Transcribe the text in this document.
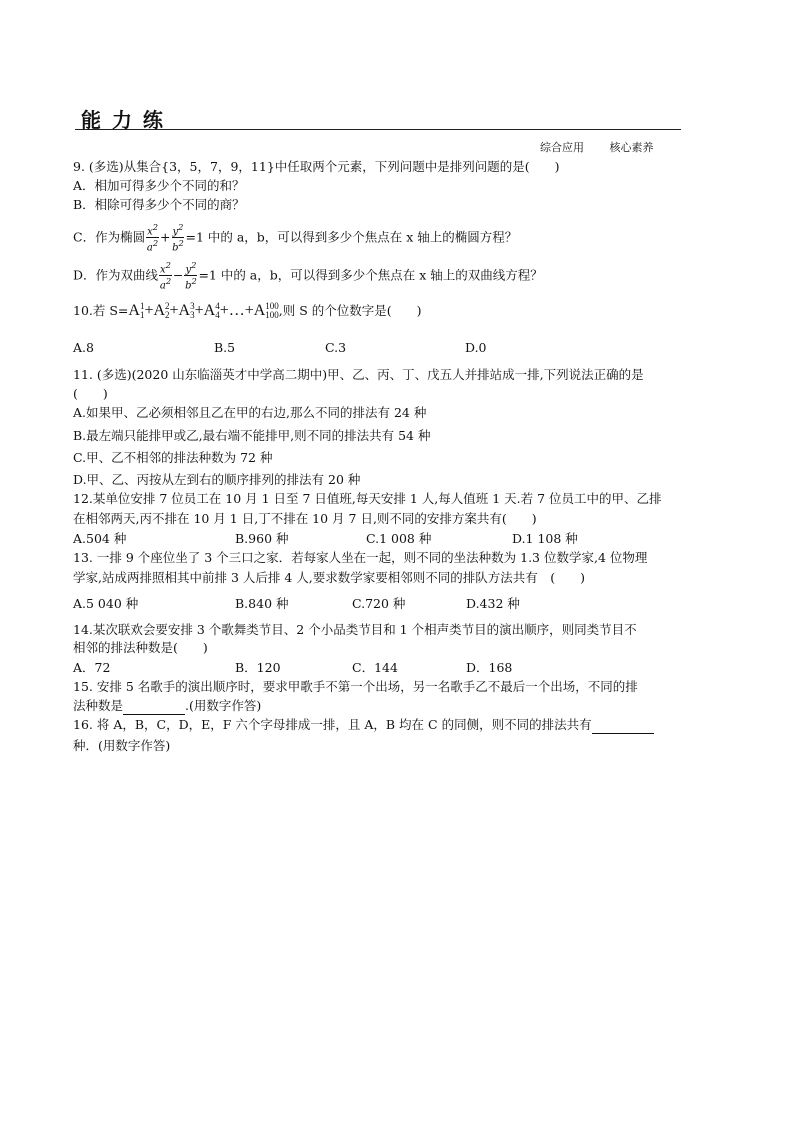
能 力 练
综合应用 核心素养
9. (多选)从集合{3，5，7，9，11}中任取两个元素，下列问题中是排列问题的是(　　)
A．相加可得多少个不同的和？
B．相除可得多少个不同的商？
C．作为椭圆 $\frac{x^2}{a^2} + \frac{y^2}{b^2} =1$ 中的 a，b，可以得到多少个焦点在 x 轴上的椭圆方程？
D．作为双曲线 $\frac{x^2}{a^2} - \frac{y^2}{b^2} =1$ 中的 a，b，可以得到多少个焦点在 x 轴上的双曲线方程？
10.若 S=A 1
1 +A 2
2 +A 3
3 +A 4
4 +…+A 100
100 ,则 S 的个位数字是(　　)
A.8	B.5	C.3	D.0
11. (多选)(2020 山东临淄英才中学高二期中)甲、乙、丙、丁、戊五人并排站成一排,下列说法正确的是
(　　)
A.如果甲、乙必须相邻且乙在甲的右边,那么不同的排法有 24 种
B.最左端只能排甲或乙,最右端不能排甲,则不同的排法共有 54 种
C.甲、乙不相邻的排法种数为 72 种
D.甲、乙、丙按从左到右的顺序排列的排法有 20 种
12.某单位安排 7 位员工在 10 月 1 日至 7 日值班,每天安排 1 人,每人值班 1 天.若 7 位员工中的甲、乙排
在相邻两天,丙不排在 10 月 1 日,丁不排在 10 月 7 日,则不同的安排方案共有(　　)
A.504 种	B.960 种	C.1 008 种	D.1 108 种
13. 一排 9 个座位坐了 3 个三口之家．若每家人坐在一起，则不同的坐法种数为 1.3 位数学家,4 位物理
学家,站成两排照相其中前排 3 人后排 4 人,要求数学家要相邻则不同的排队方法共有　(　　)
A.5 040 种	B.840 种	C.720 种	D.432 种
14.某次联欢会要安排 3 个歌舞类节目、2 个小品类节目和 1 个相声类节目的演出顺序，则同类节目不
相邻的排法种数是(　　)
A．72	B．120	C．144	D．168
15. 安排 5 名歌手的演出顺序时，要求甲歌手不第一个出场，另一名歌手乙不最后一个出场，不同的排
法种数是	.(用数字作答)
16. 将 A，B，C，D，E，F 六个字母排成一排，且 A，B 均在 C 的同侧，则不同的排法共有
种．(用数字作答)
